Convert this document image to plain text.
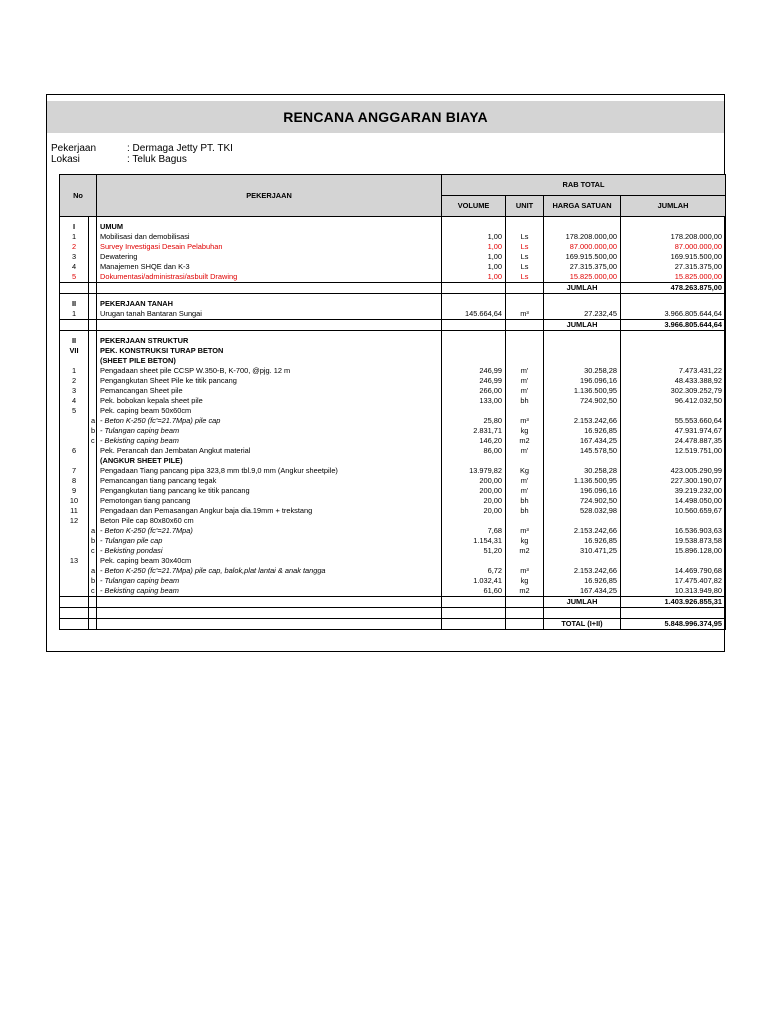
RENCANA ANGGARAN BIAYA
Pekerjaan	: Dermaga Jetty PT. TKI
Lokasi	: Teluk Bagus
No		PEKERJAAN	RAB TOTAL			
			VOLUME	UNIT	HARGA SATUAN	JUMLAH

I		UMUM				
1		Mobilisasi dan demobilisasi	1,00	Ls	178.208.000,00	178.208.000,00
2		Survey Investigasi Desain Pelabuhan	1,00	Ls	87.000.000,00	87.000.000,00
3		Dewatering	1,00	Ls	169.915.500,00	169.915.500,00
4		Manajemen SHQE dan K-3	1,00	Ls	27.315.375,00	27.315.375,00
5		Dokumentasi/administrasi/asbuilt Drawing	1,00	Ls	15.825.000,00	15.825.000,00
					JUMLAH	478.263.875,00

II		PEKERJAAN TANAH				
1		Urugan tanah Bantaran Sungai	145.664,64	m³	27.232,45	3.966.805.644,64
					JUMLAH	3.966.805.644,64

II		PEKERJAAN STRUKTUR				
VII		PEK. KONSTRUKSI TURAP BETON				
		(SHEET PILE BETON)				
1		Pengadaan sheet pile CCSP W.350-B, K-700, @pjg. 12 m	246,99	m'	30.258,28	7.473.431,22
2		Pengangkutan Sheet Pile ke titik pancang	246,99	m'	196.096,16	48.433.388,92
3		Pemancangan Sheet pile	266,00	m'	1.136.500,95	302.309.252,79
4		Pek. bobokan kepala sheet pile	133,00	bh	724.902,50	96.412.032,50
5		Pek. caping beam 50x60cm				
	a	- Beton K-250 (fc'=21.7Mpa) pile cap	25,80	m³	2.153.242,66	55.553.660,64
	b	- Tulangan caping beam	2.831,71	kg	16.926,85	47.931.974,67
	c	- Bekisting caping beam	146,20	m2	167.434,25	24.478.887,35
6		Pek. Perancah dan Jembatan Angkut material	86,00	m'	145.578,50	12.519.751,00
		(ANGKUR SHEET PILE)				
7		Pengadaan Tiang pancang pipa 323,8 mm tbl.9,0 mm (Angkur sheetpile)	13.979,82	Kg	30.258,28	423.005.290,99
8		Pemancangan tiang pancang tegak	200,00	m'	1.136.500,95	227.300.190,07
9		Pengangkutan tiang pancang ke titik pancang	200,00	m'	196.096,16	39.219.232,00
10		Pemotongan tiang pancang	20,00	bh	724.902,50	14.498.050,00
11		Pengadaan dan Pemasangan Angkur baja dia.19mm + trekstang	20,00	bh	528.032,98	10.560.659,67
12		Beton Pile cap 80x80x60 cm				
	a	- Beton K-250 (fc'=21.7Mpa)	7,68	m³	2.153.242,66	16.536.903,63
	b	- Tulangan pile cap	1.154,31	kg	16.926,85	19.538.873,58
	c	- Bekisting pondasi	51,20	m2	310.471,25	15.896.128,00
13		Pek. caping beam 30x40cm				
	a	- Beton K-250 (fc'=21.7Mpa) pile cap, balok,plat lantai & anak tangga	6,72	m³	2.153.242,66	14.469.790,68
	b	- Tulangan caping beam	1.032,41	kg	16.926,85	17.475.407,82
	c	- Bekisting caping beam	61,60	m2	167.434,25	10.313.949,80
					JUMLAH	1.403.926.855,31

					TOTAL (I+II)	5.848.996.374,95
